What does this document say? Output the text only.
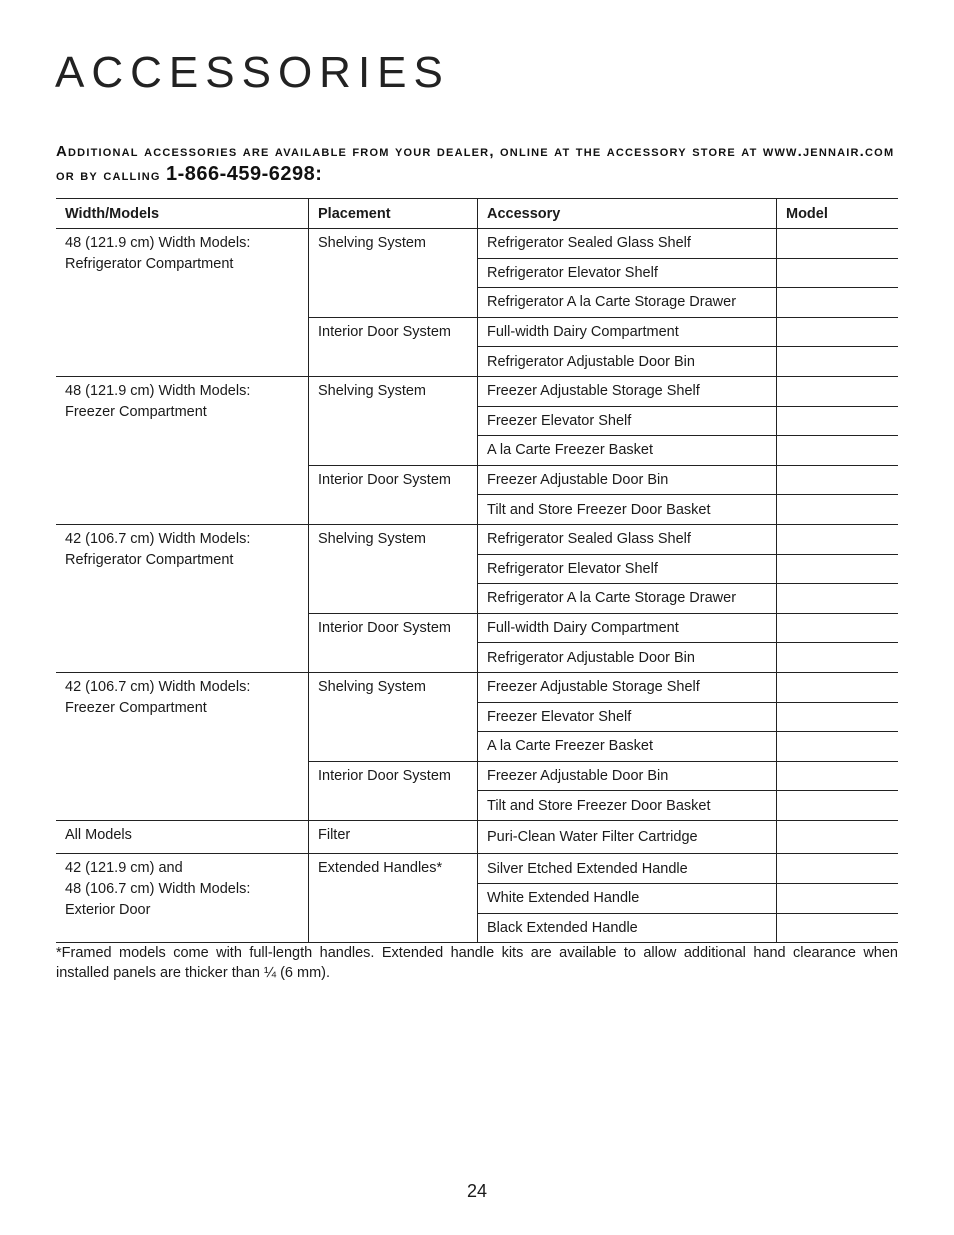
ACCESSORIES
Additional accessories are available from your dealer, online at the accessory store at www.jennair.com or by calling 1-866-459-6298:
Width/Models	Placement	Accessory	Model
48 (121.9 cm) Width Models:
Refrigerator Compartment	Shelving System	Refrigerator Sealed Glass Shelf	
		Refrigerator Elevator Shelf	
		Refrigerator A la Carte Storage Drawer	
	Interior Door System	Full-width Dairy Compartment	
		Refrigerator Adjustable Door Bin	
48 (121.9 cm) Width Models:
Freezer Compartment	Shelving System	Freezer Adjustable Storage Shelf	
		Freezer Elevator Shelf	
		A la Carte Freezer Basket	
	Interior Door System	Freezer Adjustable Door Bin	
		Tilt and Store Freezer Door Basket	
42 (106.7 cm) Width Models:
Refrigerator Compartment	Shelving System	Refrigerator Sealed Glass Shelf	
		Refrigerator Elevator Shelf	
		Refrigerator A la Carte Storage Drawer	
	Interior Door System	Full-width Dairy Compartment	
		Refrigerator Adjustable Door Bin	
42 (106.7 cm) Width Models:
Freezer Compartment	Shelving System	Freezer Adjustable Storage Shelf	
		Freezer Elevator Shelf	
		A la Carte Freezer Basket	
	Interior Door System	Freezer Adjustable Door Bin	
		Tilt and Store Freezer Door Basket	
All Models	Filter	Puri-Clean Water Filter Cartridge	
42 (121.9 cm) and
48 (106.7 cm) Width Models:
Exterior Door	Extended Handles*	Silver Etched Extended Handle	
		White Extended Handle	
		Black Extended Handle	
*Framed models come with full-length handles. Extended handle kits are available to allow additional hand clearance when installed panels are thicker than ¼ (6 mm).
24
